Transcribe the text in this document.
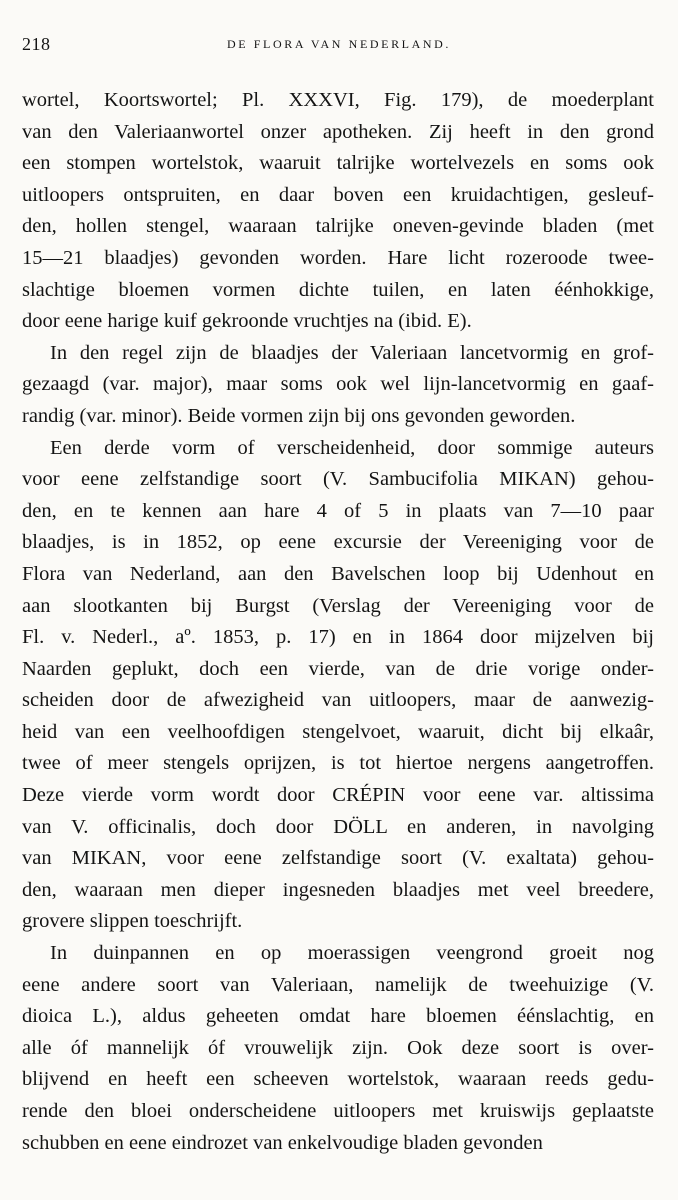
218	DE FLORA VAN NEDERLAND.
wortel, Koortswortel; Pl. XXXVI, Fig. 179), de moederplant
van den Valeriaanwortel onzer apotheken. Zij heeft in den grond
een stompen wortelstok, waaruit talrijke wortelvezels en soms ook
uitloopers ontspruiten, en daar boven een kruidachtigen, gesleuf-
den, hollen stengel, waaraan talrijke oneven-gevinde bladen (met
15—21 blaadjes) gevonden worden. Hare licht rozeroode twee-
slachtige bloemen vormen dichte tuilen, en laten éénhokkige,
door eene harige kuif gekroonde vruchtjes na (ibid. E).
In den regel zijn de blaadjes der Valeriaan lancetvormig en grof-
gezaagd (var. major), maar soms ook wel lijn-lancetvormig en gaaf-
randig (var. minor). Beide vormen zijn bij ons gevonden geworden.
Een derde vorm of verscheidenheid, door sommige auteurs
voor eene zelfstandige soort (V. Sambucifolia MIKAN) gehou-
den, en te kennen aan hare 4 of 5 in plaats van 7—10 paar
blaadjes, is in 1852, op eene excursie der Vereeniging voor de
Flora van Nederland, aan den Bavelschen loop bij Udenhout en
aan slootkanten bij Burgst (Verslag der Vereeniging voor de
Fl. v. Nederl., aº. 1853, p. 17) en in 1864 door mijzelven bij
Naarden geplukt, doch een vierde, van de drie vorige onder-
scheiden door de afwezigheid van uitloopers, maar de aanwezig-
heid van een veelhoofdigen stengelvoet, waaruit, dicht bij elkaâr,
twee of meer stengels oprijzen, is tot hiertoe nergens aangetroffen.
Deze vierde vorm wordt door CRÉPIN voor eene var. altissima
van V. officinalis, doch door DÖLL en anderen, in navolging
van MIKAN, voor eene zelfstandige soort (V. exaltata) gehou-
den, waaraan men dieper ingesneden blaadjes met veel breedere,
grovere slippen toeschrijft.
In duinpannen en op moerassigen veengrond groeit nog
eene andere soort van Valeriaan, namelijk de tweehuizige (V.
dioica L.), aldus geheeten omdat hare bloemen éénslachtig, en
alle óf mannelijk óf vrouwelijk zijn. Ook deze soort is over-
blijvend en heeft een scheeven wortelstok, waaraan reeds gedu-
rende den bloei onderscheidene uitloopers met kruiswijs geplaatste
schubben en eene eindrozet van enkelvoudige bladen gevonden
